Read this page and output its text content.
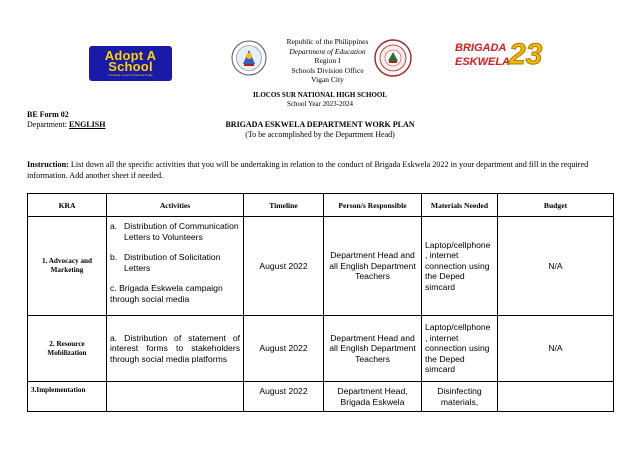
Adopt A
School
Investing in your Tomorrow Today
BRIGADA
ESKWELA 23
Republic of the Philippines
Department of Education
Region I
Schools Division Office
Vigan City
ILOCOS SUR NATIONAL HIGH SCHOOL
School Year 2023-2024
BE Form 02
Department: ENGLISH	BRIGADA ESKWELA DEPARTMENT WORK PLAN
(To be accomplished by the Department Head)
Instruction: List down all the specific activities that you will be undertaking in relation to the conduct of Brigada Eskwela 2022 in your department and fill in the required information. Add another sheet if needed.
KRA	Activities	Timeline	Person/s Responsible	Materials Needed	Budget
1. Advocacy and Marketing	a. Distribution of Communication Letters to Volunteers
b. Distribution of Solicitation Letters

c. Brigada Eskwela campaign through social media	August 2022	Department Head and all English Department Teachers	Laptop/cellphone , internet connection using the Deped simcard	N/A
2. Resource Mobilization	a. Distribution of statement of interest forms to stakeholders through social media platforms	August 2022	Department Head and all English Department Teachers	Laptop/cellphone , internet connection using the Deped simcard	N/A
3.Implementation		August 2022	Department Head, Brigada Eskwela	Disinfecting materials,	
